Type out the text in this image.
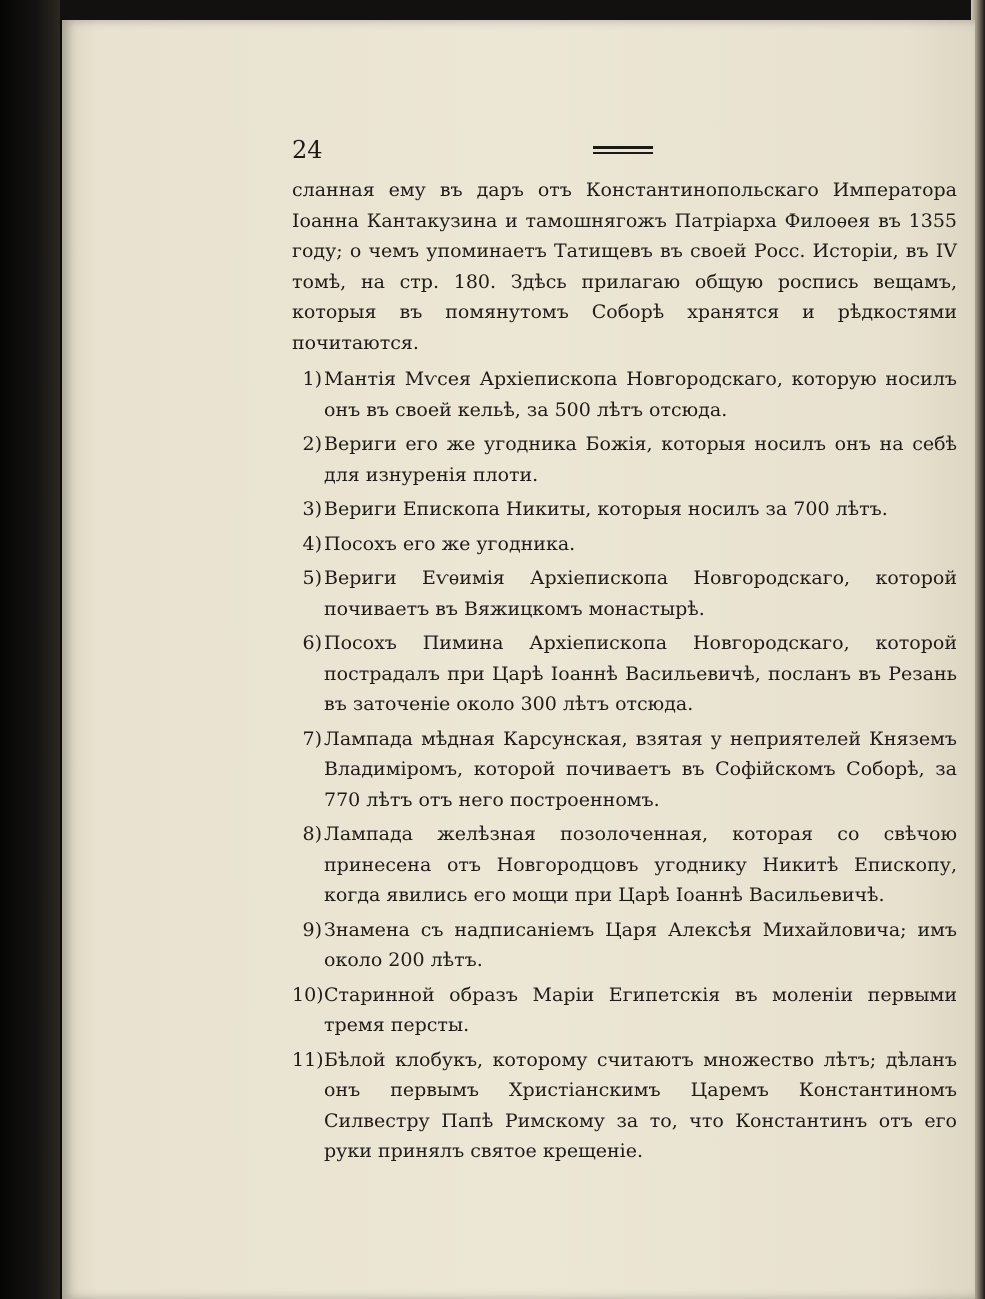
24

сланная ему въ даръ отъ Константинопольскаго Императора Іоанна Кантакузина и тамошнягожъ Патріарха Филоѳея въ 1355 году; о чемъ упоминаетъ Татищевъ въ своей Росс. Исторіи, въ IV томѣ, на стр. 180. Здѣсь прилагаю общую роспись вещамъ, которыя въ помянутомъ Соборѣ хранятся и рѣдкостями почитаются.

1) Мантія Мѵсея Архіепископа Новгородскаго, которую носилъ онъ въ своей кельѣ, за 500 лѣтъ отсюда.
2) Вериги его же угодника Божія, которыя носилъ онъ на себѣ для изнуренія плоти.
3) Вериги Епископа Никиты, которыя носилъ за 700 лѣтъ.
4) Посохъ его же угодника.
5) Вериги Еѵѳимія Архіепископа Новгородскаго, которой почиваетъ въ Вяжицкомъ монастырѣ.
6) Посохъ Пимина Архіепископа Новгородскаго, которой пострадалъ при Царѣ Іоаннѣ Васильевичѣ, посланъ въ Резань въ заточеніе около 300 лѣтъ отсюда.
7) Лампада мѣдная Карсунская, взятая у неприятелей Княземъ Владиміромъ, которой почиваетъ въ Софійскомъ Соборѣ, за 770 лѣтъ отъ него построенномъ.
8) Лампада желѣзная позолоченная, которая со свѣчою принесена отъ Новгородцовъ угоднику Никитѣ Епископу, когда явились его мощи при Царѣ Іоаннѣ Васильевичѣ.
9) Знамена съ надписаніемъ Царя Алексѣя Михайловича; имъ около 200 лѣтъ.
10) Старинной образъ Маріи Египетскія въ моленіи первыми тремя персты.
11) Бѣлой клобукъ, которому считаютъ множество лѣтъ; дѣланъ онъ первымъ Христіанскимъ Царемъ Константиномъ Силвестру Папѣ Римскому за то, что Константинъ отъ его руки принялъ святое крещеніе.
